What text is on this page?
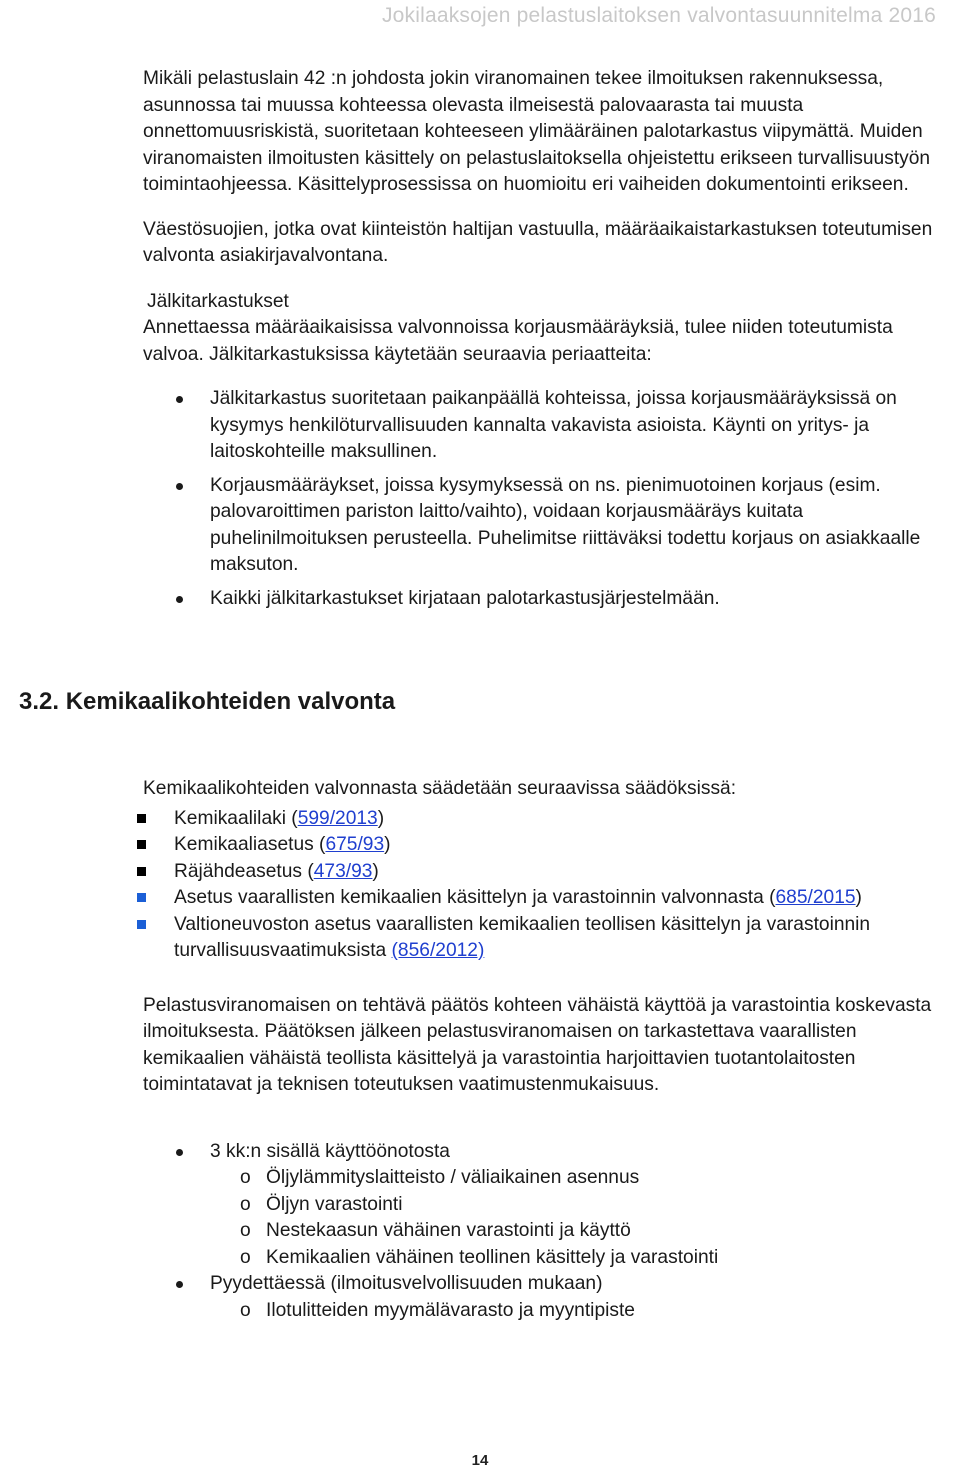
Jokilaaksojen pelastuslaitoksen valvontasuunnitelma 2016

Mikäli pelastuslain 42 :n johdosta jokin viranomainen tekee ilmoituksen rakennuksessa, asunnossa tai muussa kohteessa olevasta ilmeisestä palovaarasta tai muusta onnettomuusriskistä, suoritetaan kohteeseen ylimääräinen palotarkastus viipymättä. Muiden viranomaisten ilmoitusten käsittely on pelastuslaitoksella ohjeistettu erikseen turvallisuustyön toimintaohjeessa. Käsittelyprosessissa on huomioitu eri vaiheiden dokumentointi erikseen.

Väestösuojien, jotka ovat kiinteistön haltijan vastuulla, määräaikaistarkastuksen toteutumisen valvonta asiakirjavalvontana.

Jälkitarkastukset

Annettaessa määräaikaisissa valvonnoissa korjausmääräyksiä, tulee niiden toteutumista valvoa. Jälkitarkastuksissa käytetään seuraavia periaatteita:

Jälkitarkastus suoritetaan paikanpäällä kohteissa, joissa korjausmääräyksissä on kysymys henkilöturvallisuuden kannalta vakavista asioista. Käynti on yritys- ja laitoskohteille maksullinen.
Korjausmääräykset, joissa kysymyksessä on ns. pienimuotoinen korjaus (esim. palovaroittimen pariston laitto/vaihto), voidaan korjausmääräys kuitata puhelinilmoituksen perusteella. Puhelimitse riittäväksi todettu korjaus on asiakkaalle maksuton.
Kaikki jälkitarkastukset kirjataan palotarkastusjärjestelmään.
3.2. Kemikaalikohteiden valvonta

Kemikaalikohteiden valvonnasta säädetään seuraavissa säädöksissä:

Kemikaalilaki (599/2013)
Kemikaaliasetus (675/93)
Räjähdeasetus (473/93)
Asetus vaarallisten kemikaalien käsittelyn ja varastoinnin valvonnasta (685/2015)
Valtioneuvoston asetus vaarallisten kemikaalien teollisen käsittelyn ja varastoinnin turvallisuusvaatimuksista (856/2012)

Pelastusviranomaisen on tehtävä päätös kohteen vähäistä käyttöä ja varastointia koskevasta ilmoituksesta. Päätöksen jälkeen pelastusviranomaisen on tarkastettava vaarallisten kemikaalien vähäistä teollista käsittelyä ja varastointia harjoittavien tuotantolaitosten toimintatavat ja teknisen toteutuksen vaatimustenmukaisuus.

3 kk:n sisällä käyttöönotosta
o Öljylämmityslaitteisto / väliaikainen asennus
o Öljyn varastointi
o Nestekaasun vähäinen varastointi ja käyttö
o Kemikaalien vähäinen teollinen käsittely ja varastointi
Pyydettäessä (ilmoitusvelvollisuuden mukaan)
o Ilotulitteiden myymälävarasto ja myyntipiste
14
